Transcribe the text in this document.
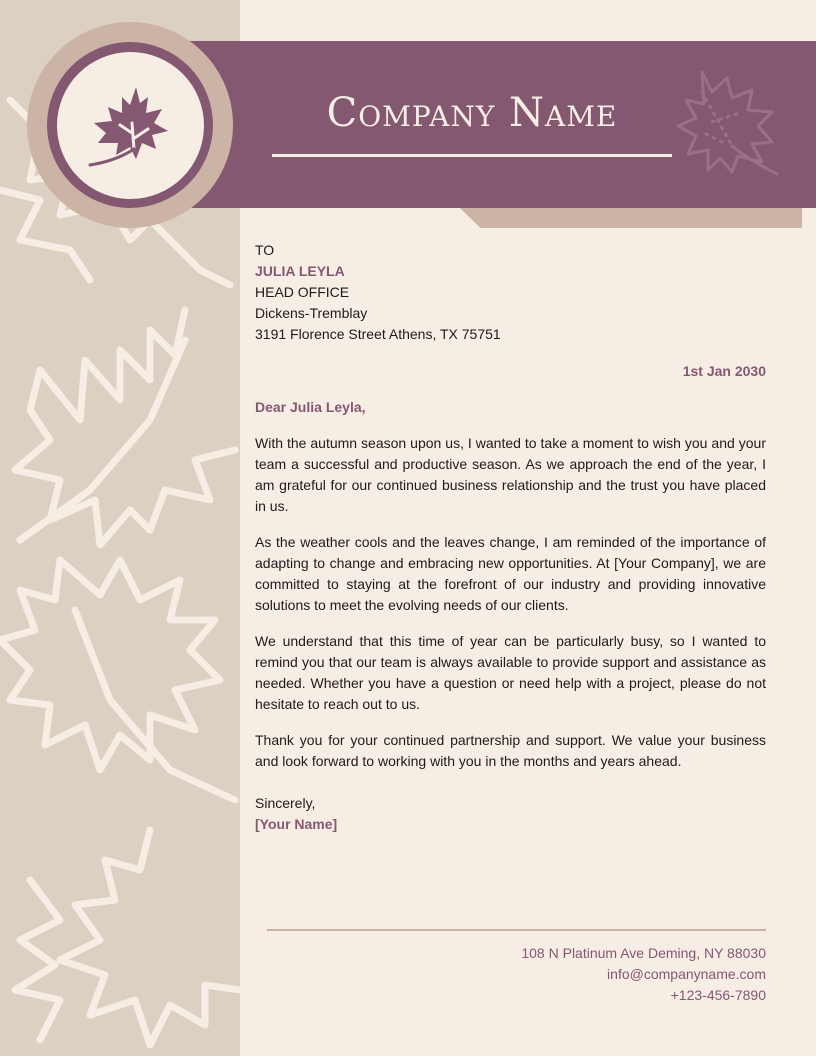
Company Name
TO
JULIA LEYLA
HEAD OFFICE
Dickens-Tremblay
3191 Florence Street Athens, TX 75751
1st Jan 2030
Dear Julia Leyla,

With the autumn season upon us, I wanted to take a moment to wish you and your team a successful and productive season. As we approach the end of the year, I am grateful for our continued business relationship and the trust you have placed in us.

As the weather cools and the leaves change, I am reminded of the importance of adapting to change and embracing new opportunities. At [Your Company], we are committed to staying at the forefront of our industry and providing innovative solutions to meet the evolving needs of our clients.

We understand that this time of year can be particularly busy, so I wanted to remind you that our team is always available to provide support and assistance as needed. Whether you have a question or need help with a project, please do not hesitate to reach out to us.

Thank you for your continued partnership and support. We value your business and look forward to working with you in the months and years ahead.

Sincerely,
[Your Name]
108 N Platinum Ave Deming, NY 88030
info@companyname.com
+123-456-7890
